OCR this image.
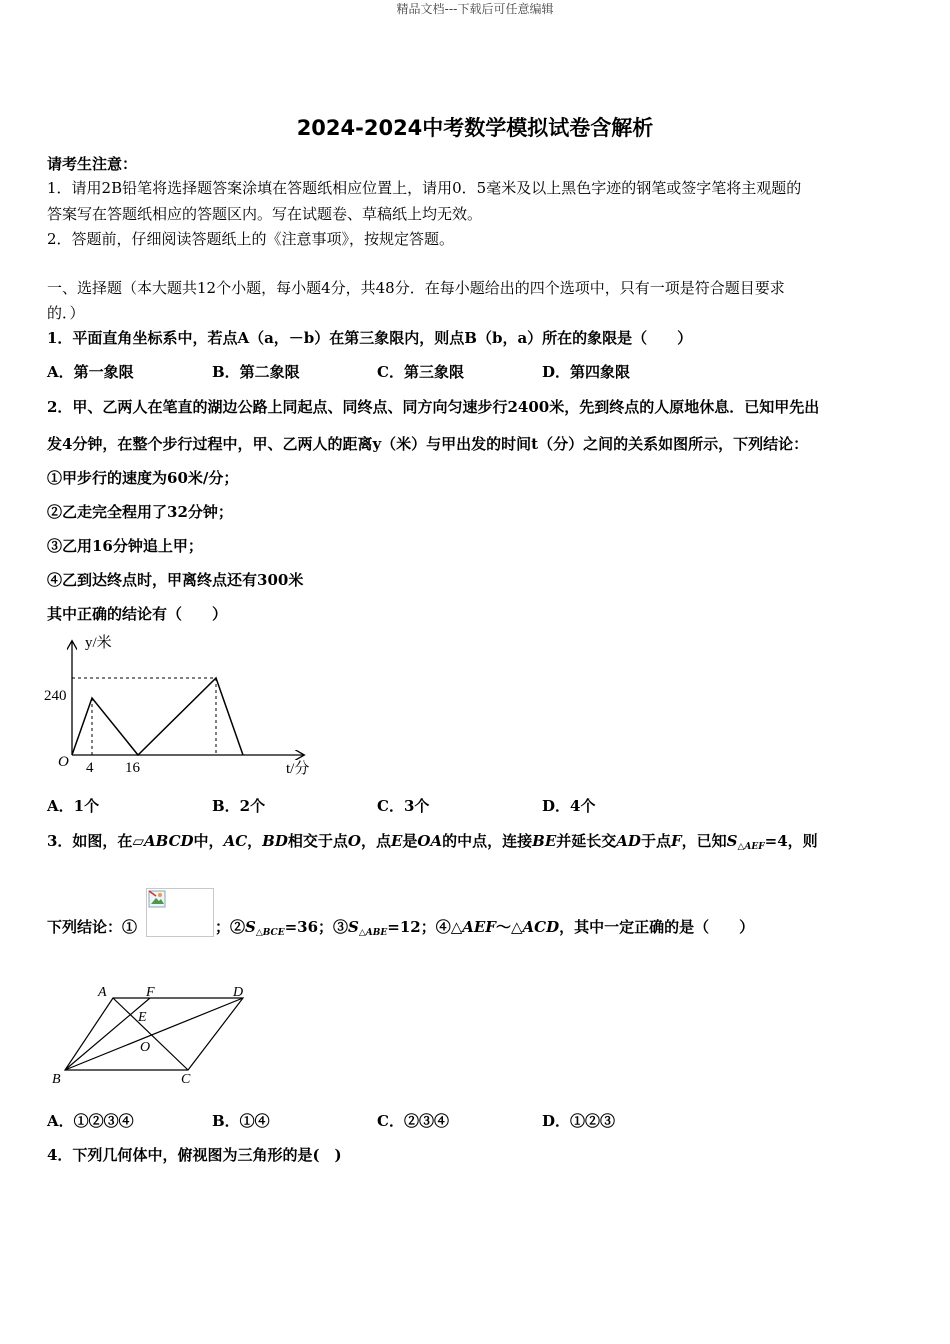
精品文档---下载后可任意编辑
2024-2024中考数学模拟试卷含解析
请考生注意：
1．请用2B铅笔将选择题答案涂填在答题纸相应位置上，请用0．5毫米及以上黑色字迹的钢笔或签字笔将主观题的
答案写在答题纸相应的答题区内。写在试题卷、草稿纸上均无效。
2．答题前，仔细阅读答题纸上的《注意事项》，按规定答题。
一、选择题（本大题共12个小题，每小题4分，共48分．在每小题给出的四个选项中，只有一项是符合题目要求
的．）
1．平面直角坐标系中，若点A（a，－b）在第三象限内，则点B（b，a）所在的象限是（　　）
A．第一象限	B．第二象限	C．第三象限	D．第四象限
2．甲、乙两人在笔直的湖边公路上同起点、同终点、同方向匀速步行2400米，先到终点的人原地休息．已知甲先出
发4分钟，在整个步行过程中，甲、乙两人的距离y（米）与甲出发的时间t（分）之间的关系如图所示，下列结论：
①甲步行的速度为60米/分；
②乙走完全程用了32分钟；
③乙用16分钟追上甲；
④乙到达终点时，甲离终点还有300米
其中正确的结论有（　　）
y/米
t/分
O
240
4 16
A．1个	B．2个	C．3个	D．4个
3．如图，在▱ABCD中，AC，BD相交于点O，点E是OA的中点，连接BE并延长交AD于点F，已知$S_{\triangle AEF}=4$，则
下列结论：①	；$②S_{\triangle BCE}=36$；$③S_{\triangle ABE}=12$；④△AEF～△ACD，其中一定正确的是（　　）
A	F	D
E
O
B	C
A．①②③④	B．①④	C．②③④	D．①②③
4．下列几何体中，俯视图为三角形的是(　)
